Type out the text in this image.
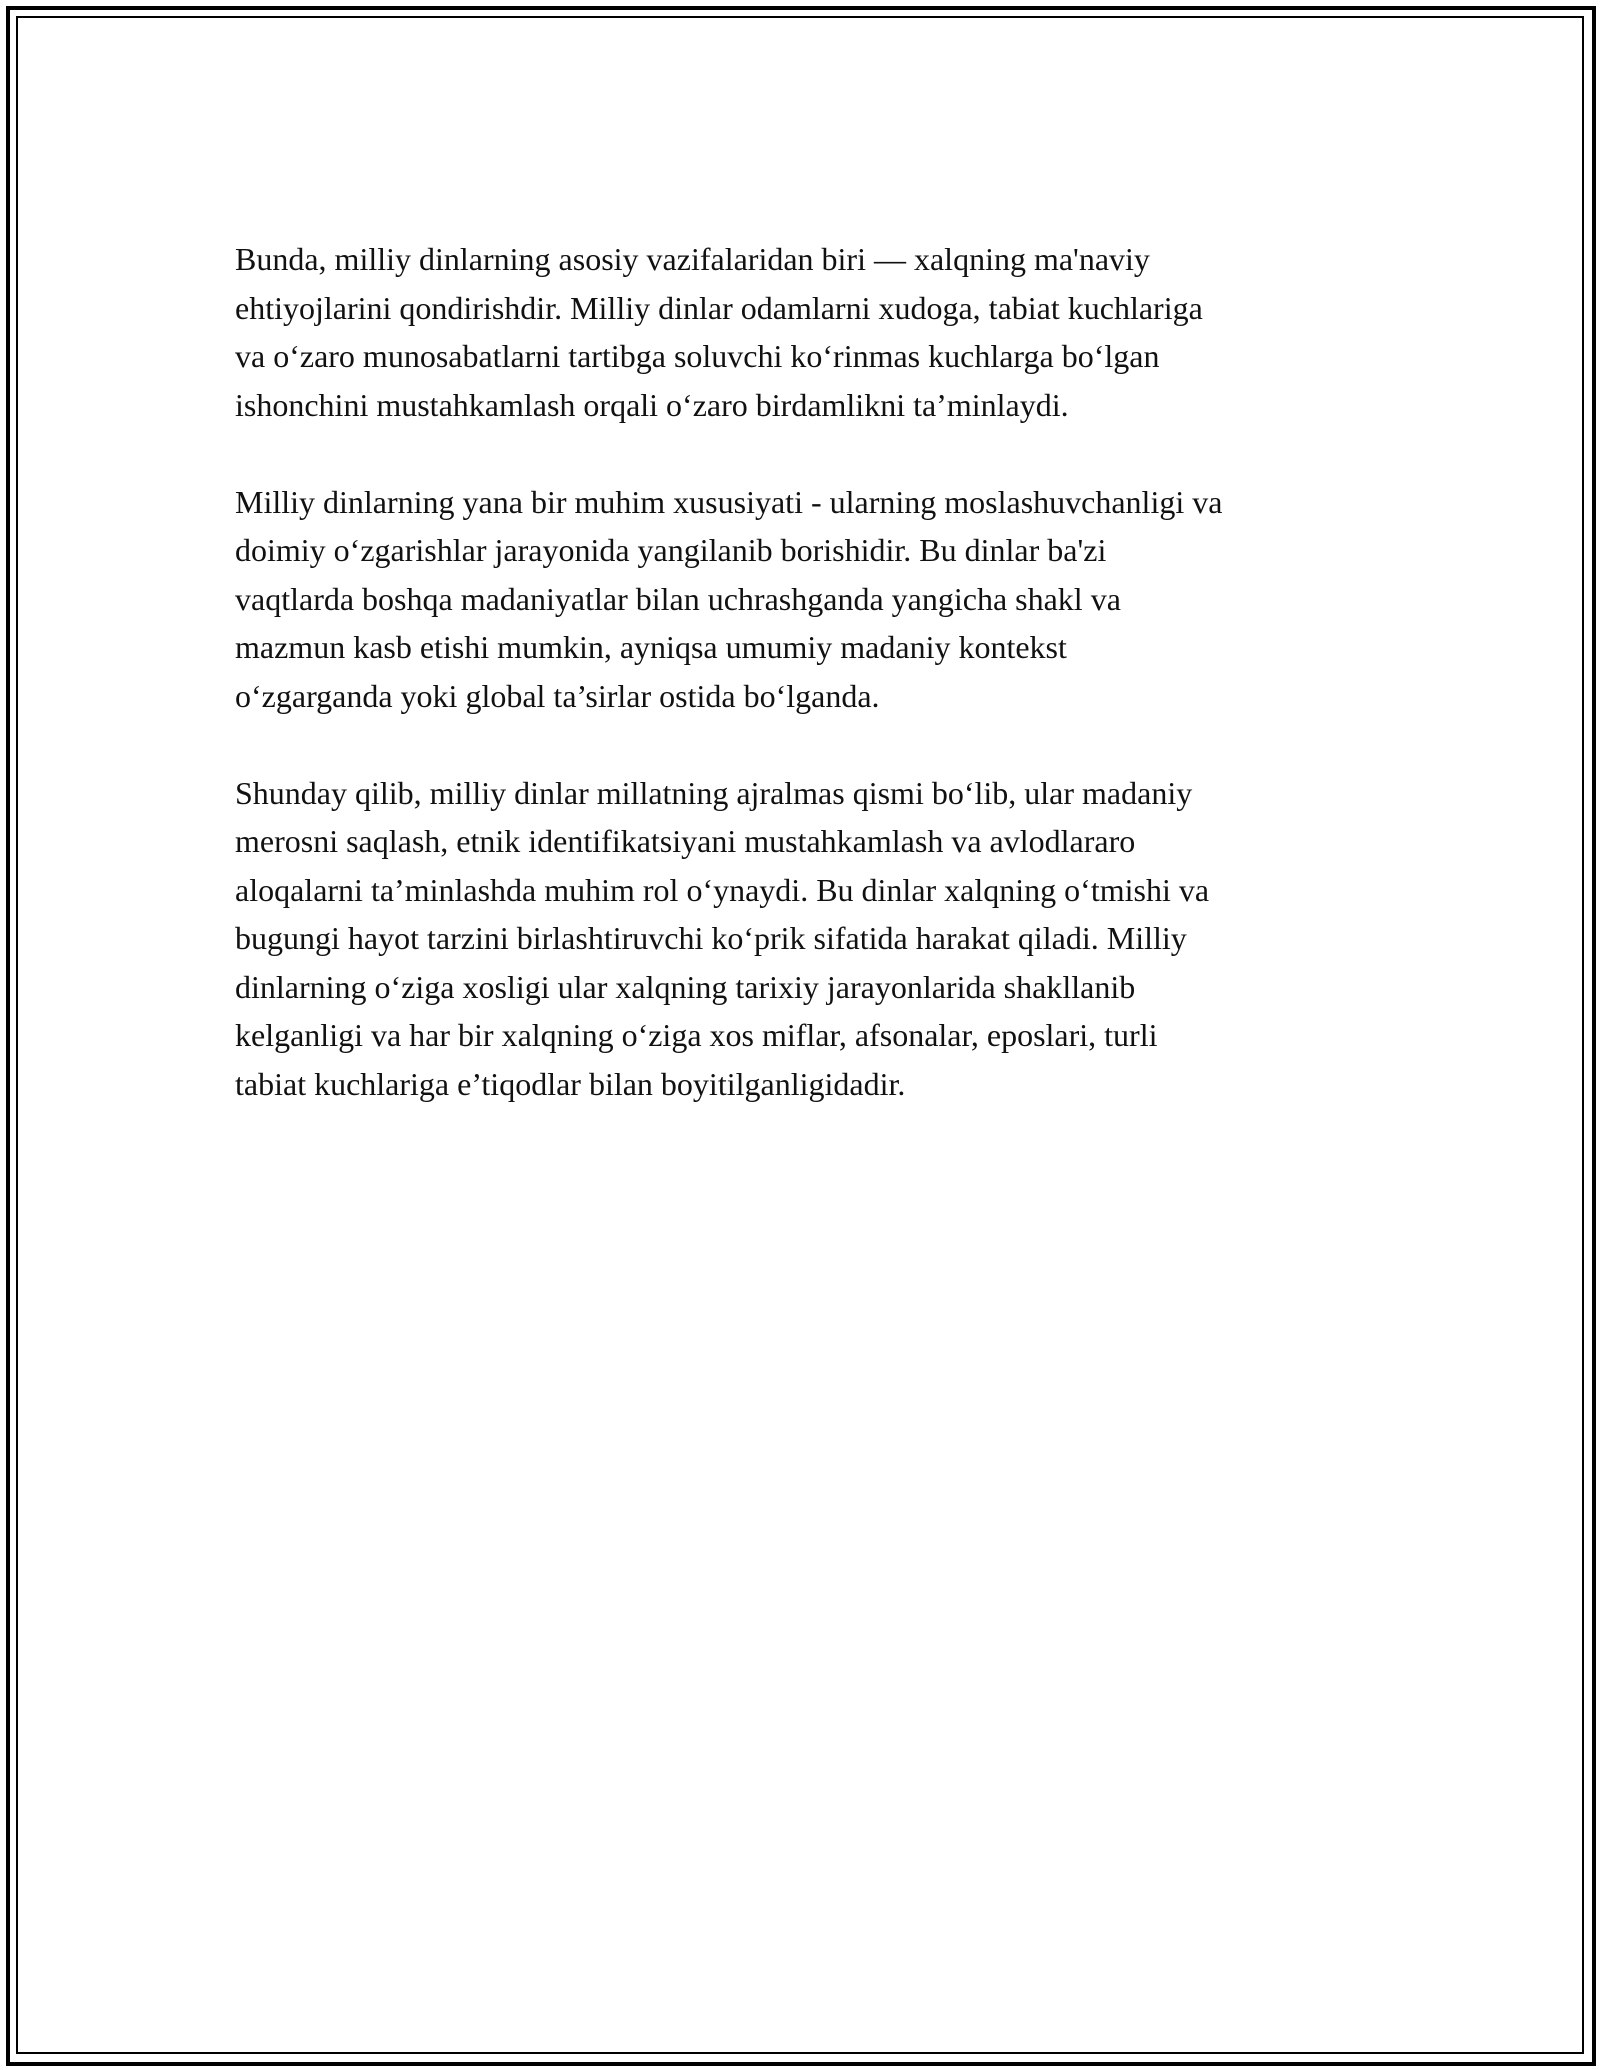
Bunda, milliy dinlarning asosiy vazifalaridan biri — xalqning ma'naviy
ehtiyojlarini qondirishdir. Milliy dinlar odamlarni xudoga, tabiat kuchlariga
va o‘zaro munosabatlarni tartibga soluvchi ko‘rinmas kuchlarga bo‘lgan
ishonchini mustahkamlash orqali o‘zaro birdamlikni ta’minlaydi.

Milliy dinlarning yana bir muhim xususiyati - ularning moslashuvchanligi va
doimiy o‘zgarishlar jarayonida yangilanib borishidir. Bu dinlar ba'zi
vaqtlarda boshqa madaniyatlar bilan uchrashganda yangicha shakl va
mazmun kasb etishi mumkin, ayniqsa umumiy madaniy kontekst
o‘zgarganda yoki global ta’sirlar ostida bo‘lganda.

Shunday qilib, milliy dinlar millatning ajralmas qismi bo‘lib, ular madaniy
merosni saqlash, etnik identifikatsiyani mustahkamlash va avlodlararo
aloqalarni ta’minlashda muhim rol o‘ynaydi. Bu dinlar xalqning o‘tmishi va
bugungi hayot tarzini birlashtiruvchi ko‘prik sifatida harakat qiladi. Milliy
dinlarning o‘ziga xosligi ular xalqning tarixiy jarayonlarida shakllanib
kelganligi va har bir xalqning o‘ziga xos miflar, afsonalar, eposlari, turli
tabiat kuchlariga e’tiqodlar bilan boyitilganligidadir.
